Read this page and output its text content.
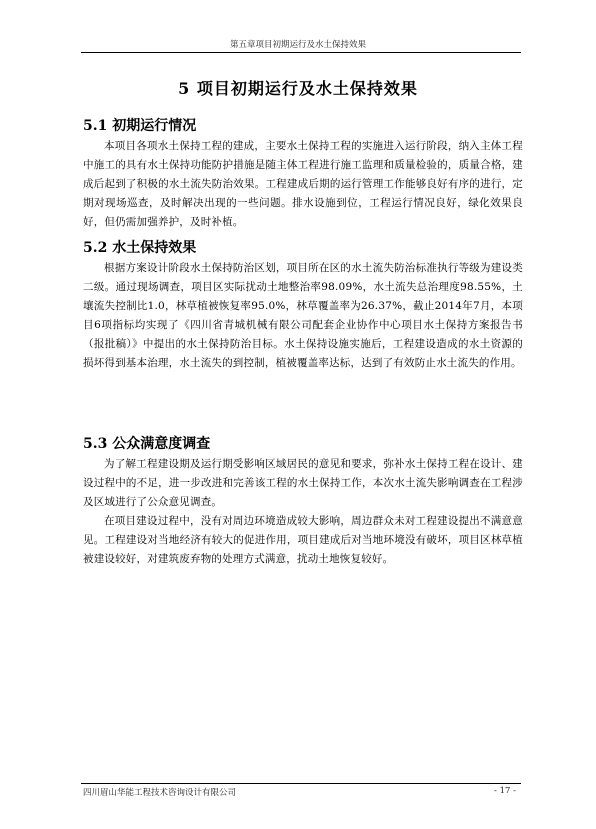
第五章项目初期运行及水土保持效果
5 项目初期运行及水土保持效果
5.1 初期运行情况

本项目各项水土保持工程的建成，主要水土保持工程的实施进入运行阶段，纳入主体工程中施工的具有水土保持功能防护措施是随主体工程进行施工监理和质量检验的，质量合格，建成后起到了积极的水土流失防治效果。工程建成后期的运行管理工作能够良好有序的进行，定期对现场巡查，及时解决出现的一些问题。排水设施到位，工程运行情况良好，绿化效果良好，但仍需加强养护，及时补植。

5.2 水土保持效果

根据方案设计阶段水土保持防治区划，项目所在区的水土流失防治标准执行等级为建设类二级。通过现场调查，项目区实际扰动土地整治率98.09%，水土流失总治理度98.55%，土壤流失控制比1.0，林草植被恢复率95.0%，林草覆盖率为26.37%，截止2014年7月，本项目6项指标均实现了《四川省青城机械有限公司配套企业协作中心项目水土保持方案报告书（报批稿）》中提出的水土保持防治目标。水土保持设施实施后，工程建设造成的水土资源的损坏得到基本治理，水土流失的到控制，植被覆盖率达标，达到了有效防止水土流失的作用。

5.3 公众满意度调查

为了解工程建设期及运行期受影响区域居民的意见和要求，弥补水土保持工程在设计、建设过程中的不足，进一步改进和完善该工程的水土保持工作，本次水土流失影响调查在工程涉及区域进行了公众意见调查。

在项目建设过程中，没有对周边环境造成较大影响，周边群众未对工程建设提出不满意意见。工程建设对当地经济有较大的促进作用，项目建成后对当地环境没有破坏，项目区林草植被建设较好，对建筑废弃物的处理方式满意，扰动土地恢复较好。

四川眉山华能工程技术咨询设计有限公司	- 17 -
